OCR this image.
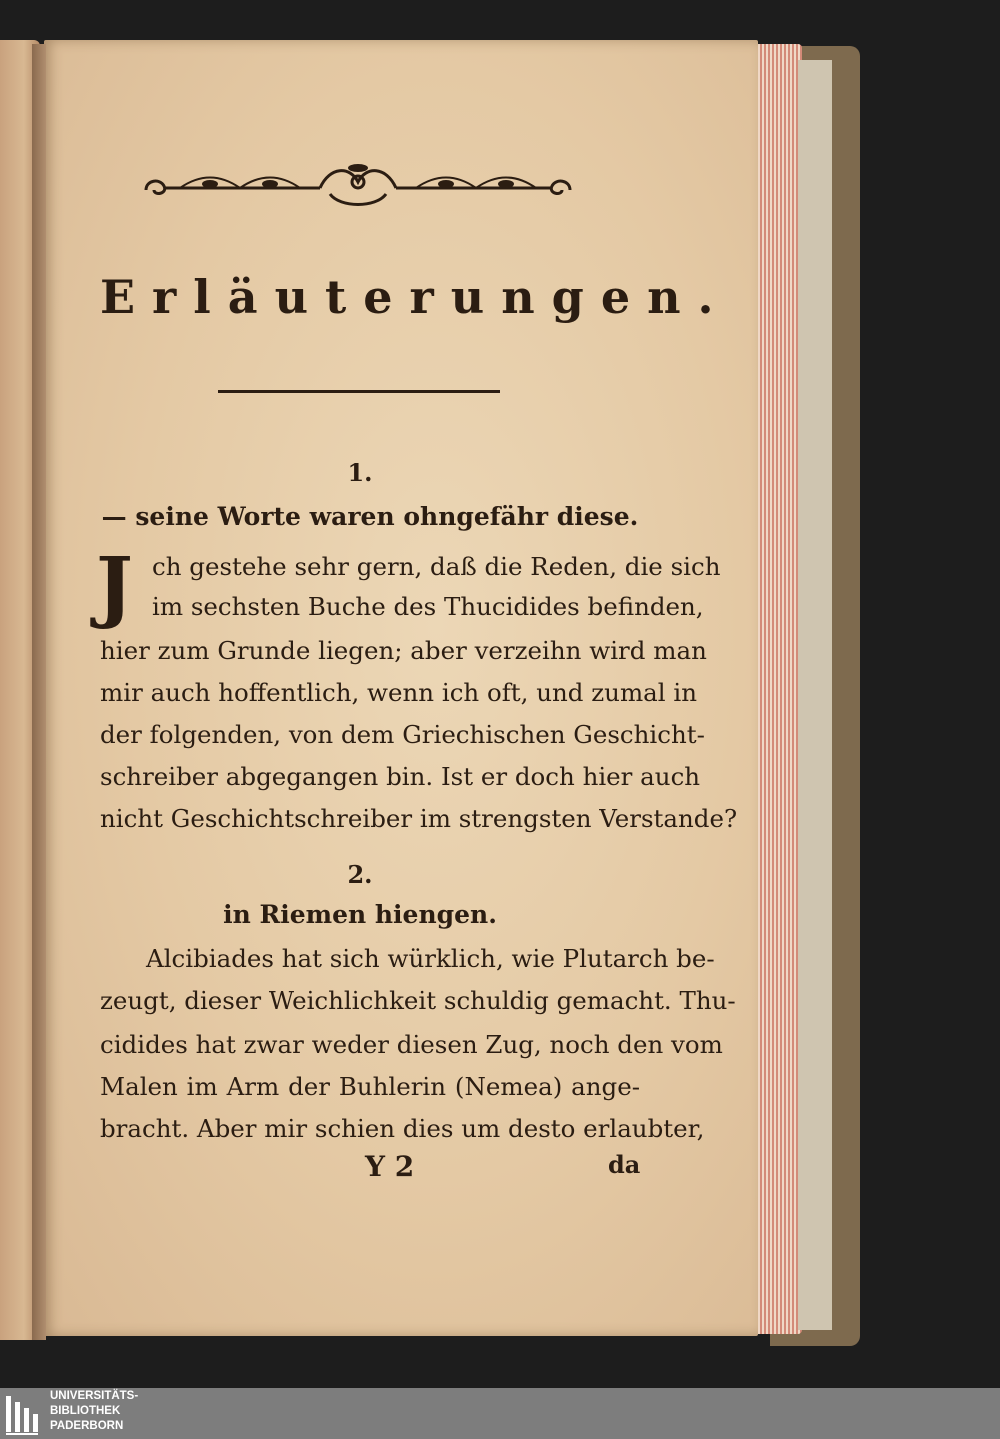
Erläuterungen.
1.
— seine Worte waren ohngefähr diese.
J ch gestehe sehr gern, daß die Reden, die sich
im sechsten Buche des Thucidides befinden,
hier zum Grunde liegen; aber verzeihn wird man
mir auch hoffentlich, wenn ich oft, und zumal in
der folgenden, von dem Griechischen Geschicht-
schreiber abgegangen bin. Ist er doch hier auch
nicht Geschichtschreiber im strengsten Verstande?
2.
in Riemen hiengen.
Alcibiades hat sich würklich, wie Plutarch be-
zeugt, dieser Weichlichkeit schuldig gemacht. Thu-
cidides hat zwar weder diesen Zug, noch den vom
Malen im Arm der Buhlerin (Nemea) ange-
bracht. Aber mir schien dies um desto erlaubter,
Y 2	da
UNIVERSITÄTS-
BIBLIOTHEK
PADERBORN
